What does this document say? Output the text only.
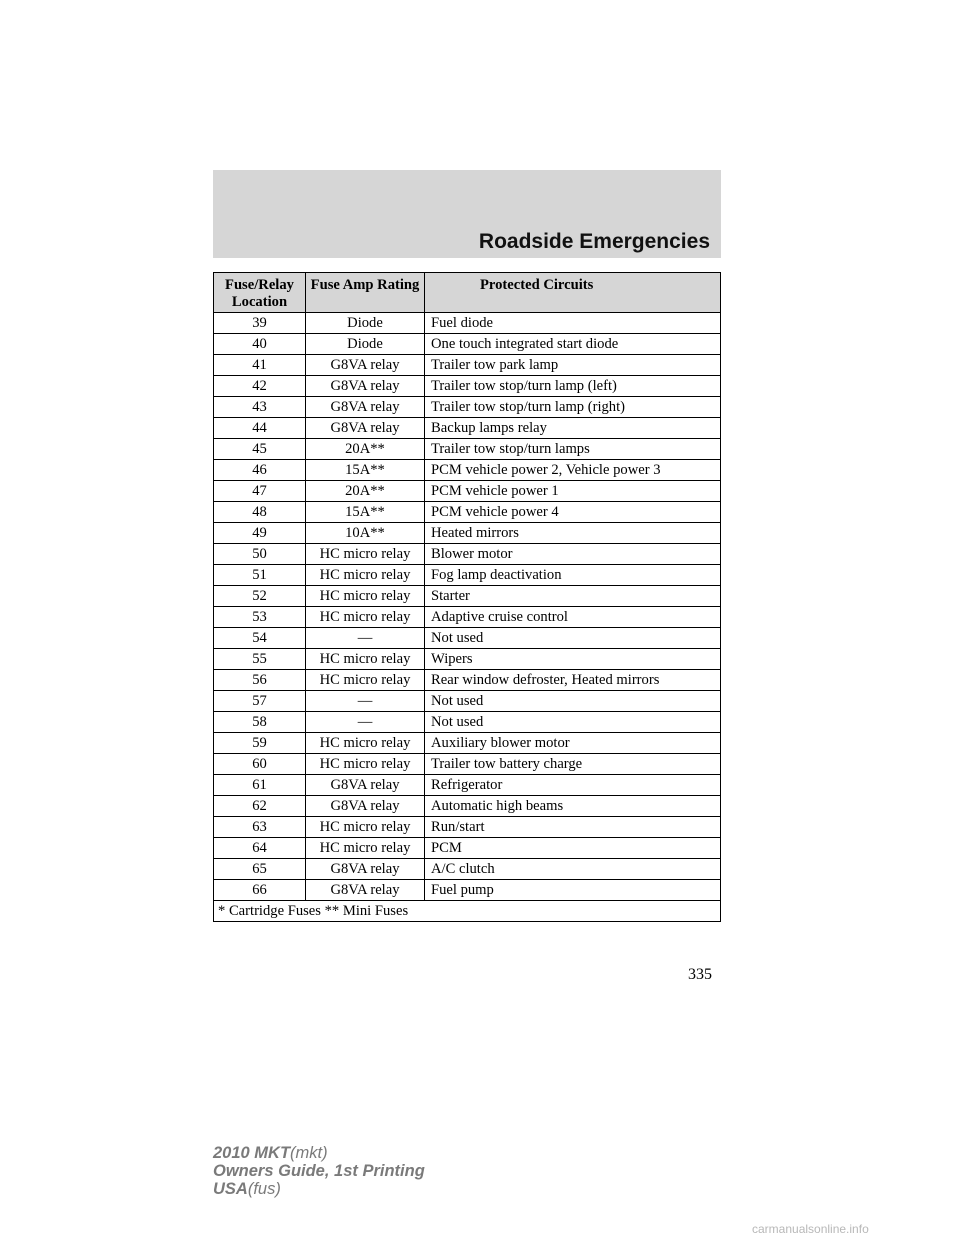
Roadside Emergencies
Fuse/Relay Location	Fuse Amp Rating	Protected Circuits
39	Diode	Fuel diode
40	Diode	One touch integrated start diode
41	G8VA relay	Trailer tow park lamp
42	G8VA relay	Trailer tow stop/turn lamp (left)
43	G8VA relay	Trailer tow stop/turn lamp (right)
44	G8VA relay	Backup lamps relay
45	20A**	Trailer tow stop/turn lamps
46	15A**	PCM vehicle power 2, Vehicle power 3
47	20A**	PCM vehicle power 1
48	15A**	PCM vehicle power 4
49	10A**	Heated mirrors
50	HC micro relay	Blower motor
51	HC micro relay	Fog lamp deactivation
52	HC micro relay	Starter
53	HC micro relay	Adaptive cruise control
54	—	Not used
55	HC micro relay	Wipers
56	HC micro relay	Rear window defroster, Heated mirrors
57	—	Not used
58	—	Not used
59	HC micro relay	Auxiliary blower motor
60	HC micro relay	Trailer tow battery charge
61	G8VA relay	Refrigerator
62	G8VA relay	Automatic high beams
63	HC micro relay	Run/start
64	HC micro relay	PCM
65	G8VA relay	A/C clutch
66	G8VA relay	Fuel pump
* Cartridge Fuses ** Mini Fuses		
335
2010 MKT(mkt)
Owners Guide, 1st Printing
USA(fus)
carmanualsonline.info
